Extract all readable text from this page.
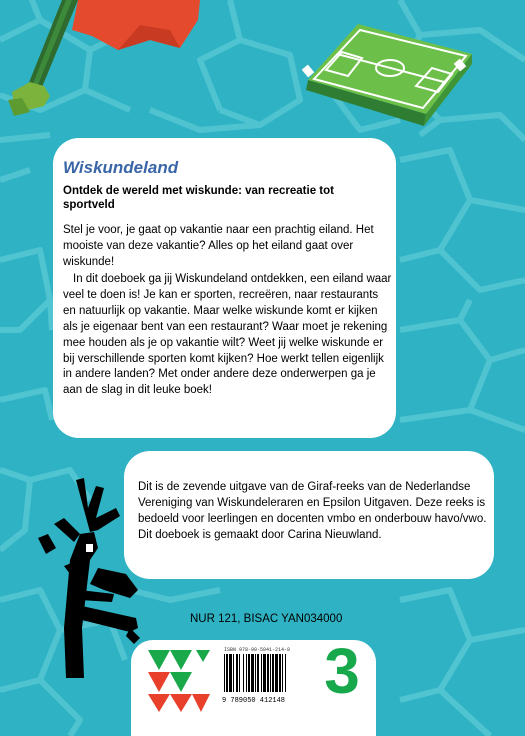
Wiskundeland
Ontdek de wereld met wiskunde: van recreatie tot sportveld

Stel je voor, je gaat op vakantie naar een prachtig eiland. Het mooiste van deze vakantie? Alles op het eiland gaat over wiskunde!

In dit doeboek ga jij Wiskundeland ontdekken, een eiland waar veel te doen is! Je kan er sporten, recreëren, naar restaurants en natuurlijk op vakantie. Maar welke wiskunde komt er kijken als je eigenaar bent van een restaurant? Waar moet je rekening mee houden als je op vakantie wilt? Weet jij welke wiskunde er bij verschillende sporten komt kijken? Hoe werkt tellen eigenlijk in andere landen? Met onder andere deze onderwerpen ga je aan de slag in dit leuke boek!

Dit is de zevende uitgave van de Giraf-reeks van de Nederlandse Vereniging van Wiskundeleraren en Epsilon Uitgaven. Deze reeks is bedoeld voor leerlingen en docenten vmbo en onderbouw havo/vwo. Dit doeboek is gemaakt door Carina Nieuwland.

NUR 121, BISAC YAN034000
ISBN 978-90-5041-214-8
9 789050 412148 3
